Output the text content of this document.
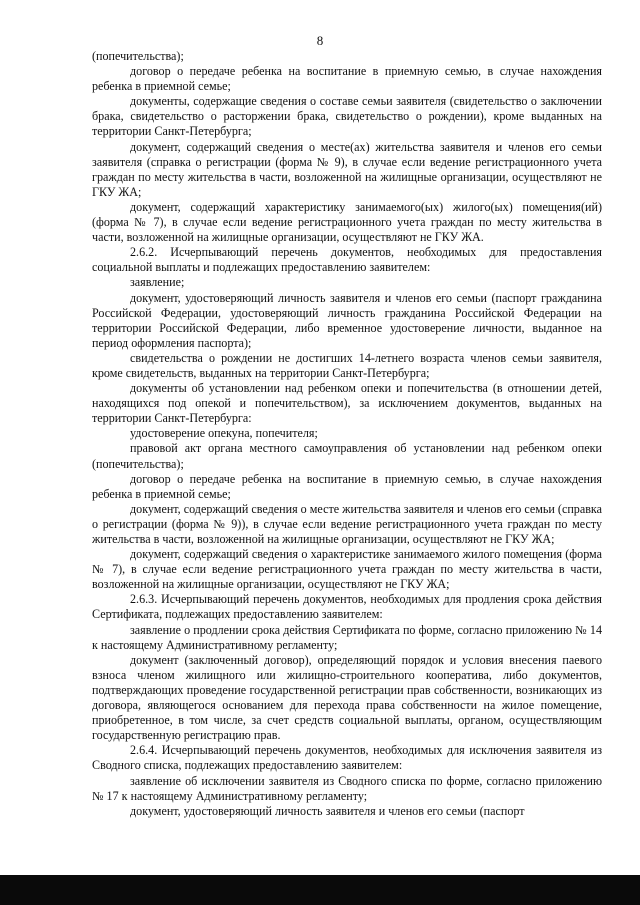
8

(попечительства);

договор о передаче ребенка на воспитание в приемную семью, в случае нахождения ребенка в приемной семье;

документы, содержащие сведения о составе семьи заявителя (свидетельство о заключении брака, свидетельство о расторжении брака, свидетельство о рождении), кроме выданных на территории Санкт-Петербурга;

документ, содержащий сведения о месте(ах) жительства заявителя и членов его семьи заявителя (справка о регистрации (форма № 9), в случае если ведение регистрационного учета граждан по месту жительства в части, возложенной на жилищные организации, осуществляют не ГКУ ЖА;

документ, содержащий характеристику занимаемого(ых) жилого(ых) помещения(ий) (форма № 7), в случае если ведение регистрационного учета граждан по месту жительства в части, возложенной на жилищные организации, осуществляют не ГКУ ЖА.

2.6.2. Исчерпывающий перечень документов, необходимых для предоставления социальной выплаты и подлежащих предоставлению заявителем:

заявление;

документ, удостоверяющий личность заявителя и членов его семьи (паспорт гражданина Российской Федерации, удостоверяющий личность гражданина Российской Федерации на территории Российской Федерации, либо временное удостоверение личности, выданное на период оформления паспорта);

свидетельства о рождении не достигших 14-летнего возраста членов семьи заявителя, кроме свидетельств, выданных на территории Санкт-Петербурга;

документы об установлении над ребенком опеки и попечительства (в отношении детей, находящихся под опекой и попечительством), за исключением документов, выданных на территории Санкт-Петербурга:

удостоверение опекуна, попечителя;

правовой акт органа местного самоуправления об установлении над ребенком опеки (попечительства);

договор о передаче ребенка на воспитание в приемную семью, в случае нахождения ребенка в приемной семье;

документ, содержащий сведения о месте жительства заявителя и членов его семьи (справка о регистрации (форма № 9)), в случае если ведение регистрационного учета граждан по месту жительства в части, возложенной на жилищные организации, осуществляют не ГКУ ЖА;

документ, содержащий сведения о характеристике занимаемого жилого помещения (форма № 7), в случае если ведение регистрационного учета граждан по месту жительства в части, возложенной на жилищные организации, осуществляют не ГКУ ЖА;

2.6.3. Исчерпывающий перечень документов, необходимых для продления срока действия Сертификата, подлежащих предоставлению заявителем:

заявление о продлении срока действия Сертификата по форме, согласно приложению № 14 к настоящему Административному регламенту;

документ (заключенный договор), определяющий порядок и условия внесения паевого взноса членом жилищного или жилищно-строительного кооператива, либо документов, подтверждающих проведение государственной регистрации прав собственности, возникающих из договора, являющегося основанием для перехода права собственности на жилое помещение, приобретенное, в том числе, за счет средств социальной выплаты, органом, осуществляющим государственную регистрацию прав.

2.6.4. Исчерпывающий перечень документов, необходимых для исключения заявителя из Сводного списка, подлежащих предоставлению заявителем:

заявление об исключении заявителя из Сводного списка по форме, согласно приложению № 17 к настоящему Административному регламенту;

документ, удостоверяющий личность заявителя и членов его семьи (паспорт
